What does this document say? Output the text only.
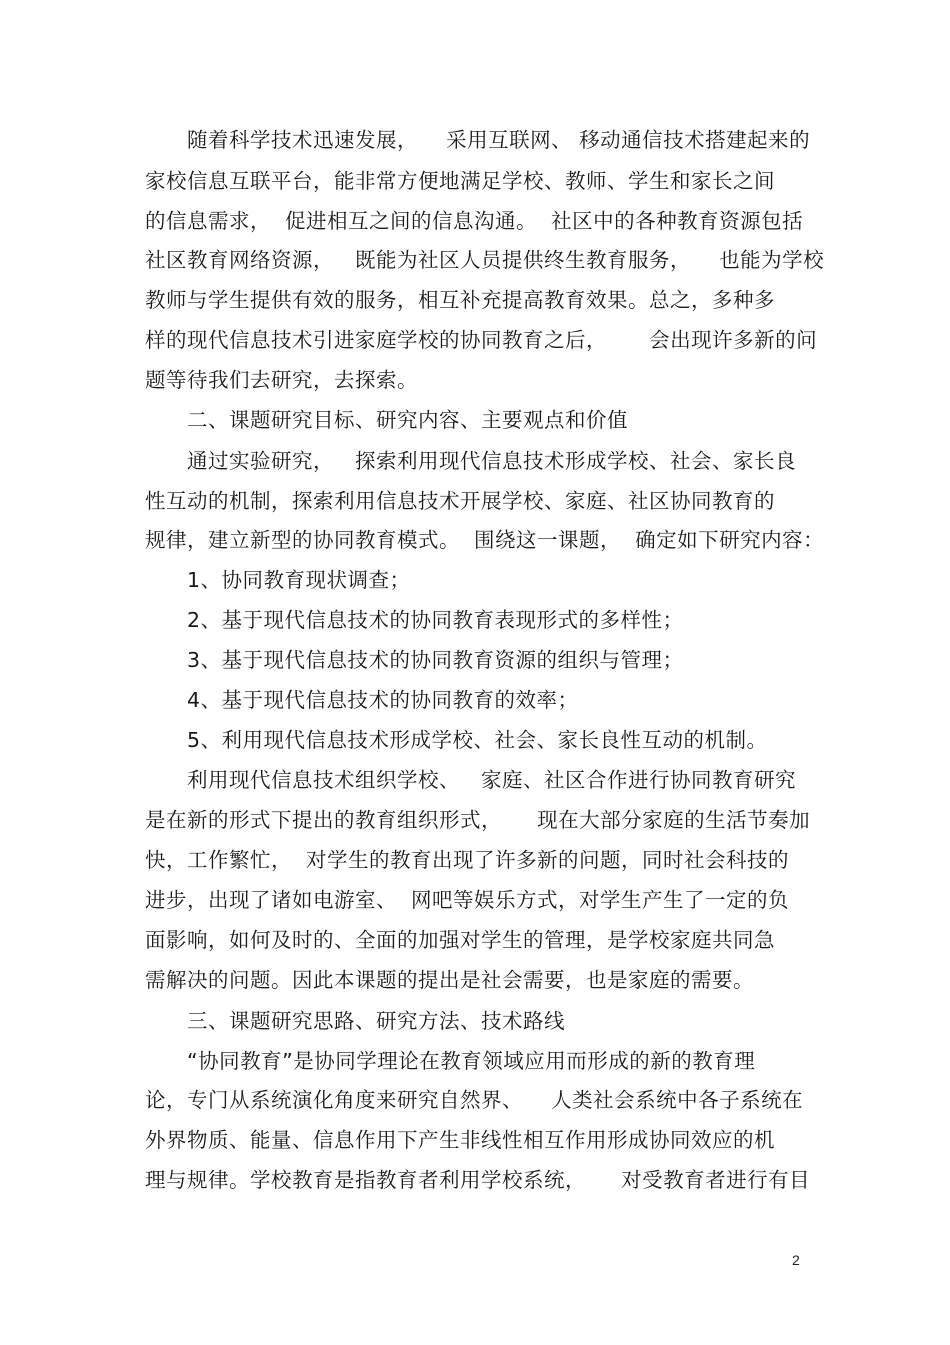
随着科学技术迅速发展，    采用互联网、 移动通信技术搭建起来的
家校信息互联平台，能非常方便地满足学校、教师、学生和家长之间
的信息需求，  促进相互之间的信息沟通。  社区中的各种教育资源包括
社区教育网络资源，   既能为社区人员提供终生教育服务，    也能为学校
教师与学生提供有效的服务，相互补充提高教育效果。总之，多种多
样的现代信息技术引进家庭学校的协同教育之后，      会出现许多新的问
题等待我们去研究，去探索。
二、课题研究目标、研究内容、主要观点和价值
通过实验研究，   探索利用现代信息技术形成学校、社会、家长良
性互动的机制，探索利用信息技术开展学校、家庭、社区协同教育的
规律，建立新型的协同教育模式。  围绕这一课题，  确定如下研究内容：
1、协同教育现状调查；
2、基于现代信息技术的协同教育表现形式的多样性；
3、基于现代信息技术的协同教育资源的组织与管理；
4、基于现代信息技术的协同教育的效率；
5、利用现代信息技术形成学校、社会、家长良性互动的机制。
利用现代信息技术组织学校、   家庭、社区合作进行协同教育研究
是在新的形式下提出的教育组织形式，     现在大部分家庭的生活节奏加
快，工作繁忙，  对学生的教育出现了许多新的问题，同时社会科技的
进步，出现了诸如电游室、  网吧等娱乐方式，对学生产生了一定的负
面影响，如何及时的、全面的加强对学生的管理，是学校家庭共同急
需解决的问题。因此本课题的提出是社会需要，也是家庭的需要。
三、课题研究思路、研究方法、技术路线
“协同教育”是协同学理论在教育领域应用而形成的新的教育理
论，专门从系统演化角度来研究自然界、    人类社会系统中各子系统在
外界物质、能量、信息作用下产生非线性相互作用形成协同效应的机
理与规律。学校教育是指教育者利用学校系统，     对受教育者进行有目
2
